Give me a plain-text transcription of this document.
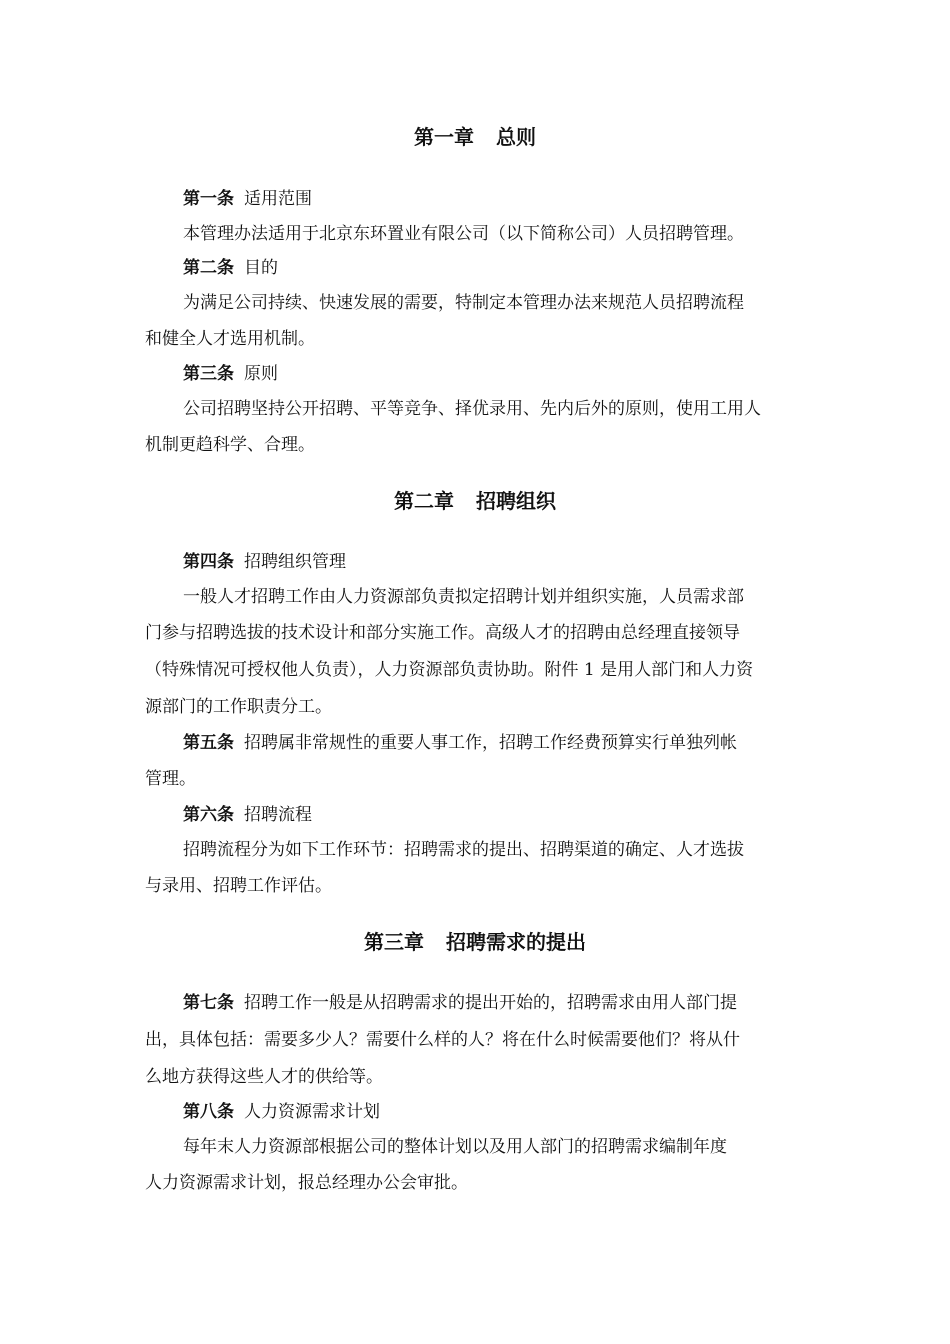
第一章 总则
第一条 适用范围
本管理办法适用于北京东环置业有限公司（以下简称公司）人员招聘管理。
第二条 目的
为满足公司持续、快速发展的需要，特制定本管理办法来规范人员招聘流程
和健全人才选用机制。
第三条 原则
公司招聘坚持公开招聘、平等竞争、择优录用、先内后外的原则，使用工用人
机制更趋科学、合理。
第二章 招聘组织
第四条 招聘组织管理
一般人才招聘工作由人力资源部负责拟定招聘计划并组织实施，人员需求部
门参与招聘选拔的技术设计和部分实施工作。高级人才的招聘由总经理直接领导
（特殊情况可授权他人负责），人力资源部负责协助。附件 1 是用人部门和人力资
源部门的工作职责分工。
第五条 招聘属非常规性的重要人事工作，招聘工作经费预算实行单独列帐
管理。
第六条 招聘流程
招聘流程分为如下工作环节：招聘需求的提出、招聘渠道的确定、人才选拔
与录用、招聘工作评估。
第三章 招聘需求的提出
第七条 招聘工作一般是从招聘需求的提出开始的，招聘需求由用人部门提
出，具体包括：需要多少人？需要什么样的人？将在什么时候需要他们？将从什
么地方获得这些人才的供给等。
第八条 人力资源需求计划
每年末人力资源部根据公司的整体计划以及用人部门的招聘需求编制年度
人力资源需求计划，报总经理办公会审批。
